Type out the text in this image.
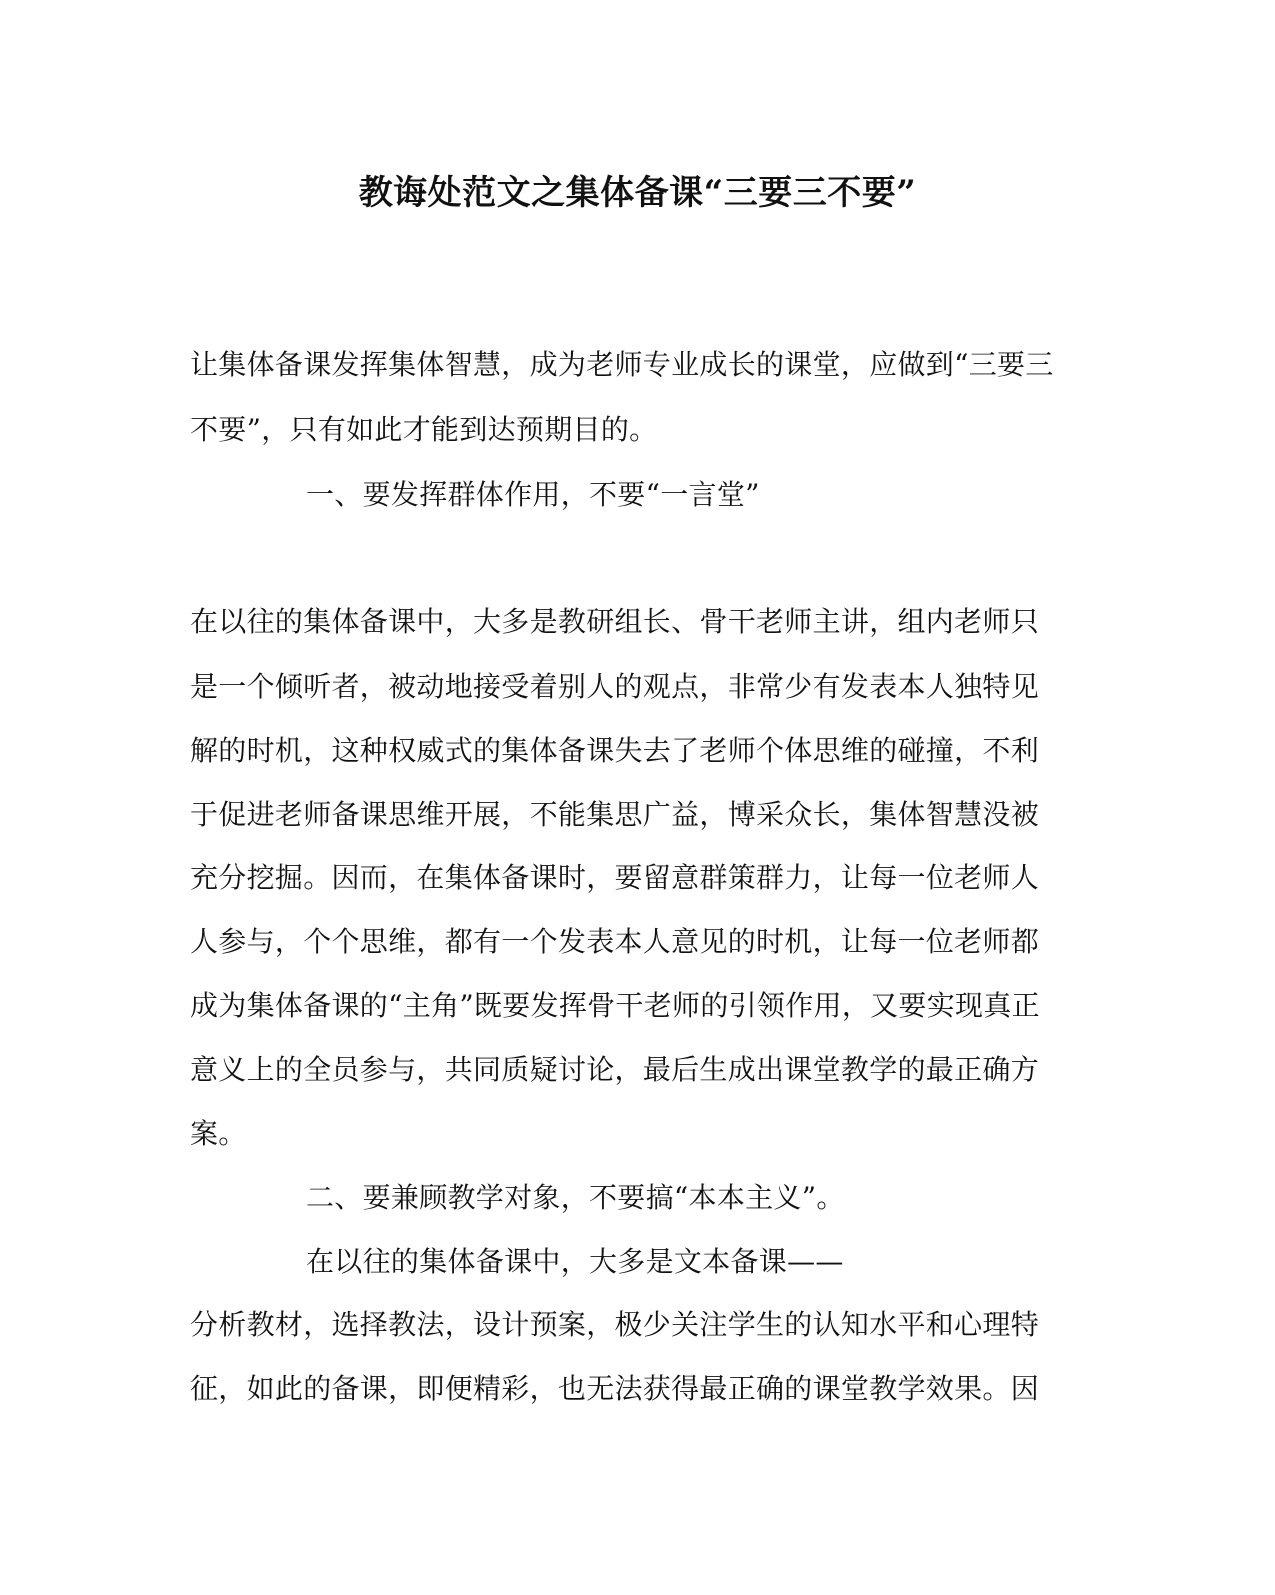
教诲处范文之集体备课“三要三不要”
让集体备课发挥集体智慧，成为老师专业成长的课堂，应做到“三要三
不要”，只有如此才能到达预期目的。
一、要发挥群体作用，不要“一言堂”
在以往的集体备课中，大多是教研组长、骨干老师主讲，组内老师只
是一个倾听者，被动地接受着别人的观点，非常少有发表本人独特见
解的时机，这种权威式的集体备课失去了老师个体思维的碰撞，不利
于促进老师备课思维开展，不能集思广益，博采众长，集体智慧没被
充分挖掘。因而，在集体备课时，要留意群策群力，让每一位老师人
人参与，个个思维，都有一个发表本人意见的时机，让每一位老师都
成为集体备课的“主角”既要发挥骨干老师的引领作用，又要实现真正
意义上的全员参与，共同质疑讨论，最后生成出课堂教学的最正确方
案。
二、要兼顾教学对象，不要搞“本本主义”。
在以往的集体备课中，大多是文本备课——
分析教材，选择教法，设计预案，极少关注学生的认知水平和心理特
征，如此的备课，即便精彩，也无法获得最正确的课堂教学效果。因
